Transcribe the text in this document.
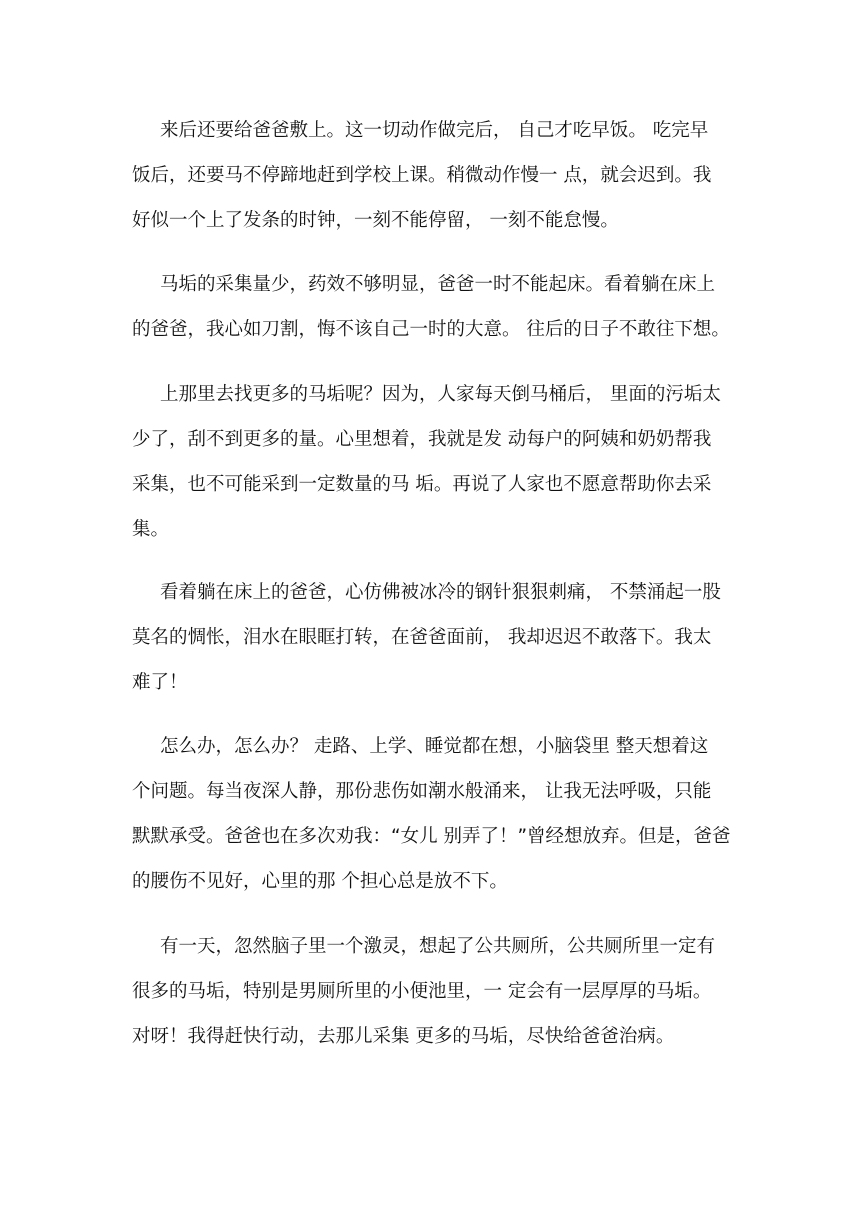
来后还要给爸爸敷上。这一切动作做完后， 自己才吃早饭。 吃完早
饭后，还要马不停蹄地赶到学校上课。稍微动作慢一 点，就会迟到。我
好似一个上了发条的时钟，一刻不能停留， 一刻不能怠慢。

马垢的采集量少，药效不够明显，爸爸一时不能起床。看着躺在床上
的爸爸，我心如刀割，悔不该自己一时的大意。 往后的日子不敢往下想。

上那里去找更多的马垢呢？因为，人家每天倒马桶后， 里面的污垢太
少了，刮不到更多的量。心里想着，我就是发 动每户的阿姨和奶奶帮我
采集，也不可能采到一定数量的马 垢。再说了人家也不愿意帮助你去采
集。

看着躺在床上的爸爸，心仿佛被冰冷的钢针狠狠刺痛， 不禁涌起一股
莫名的惆怅，泪水在眼眶打转，在爸爸面前， 我却迟迟不敢落下。我太
难了！

怎么办，怎么办？ 走路、上学、睡觉都在想，小脑袋里 整天想着这
个问题。每当夜深人静，那份悲伤如潮水般涌来， 让我无法呼吸，只能
默默承受。爸爸也在多次劝我：“女儿 别弄了！”曾经想放弃。但是，爸爸
的腰伤不见好，心里的那 个担心总是放不下。

有一天，忽然脑子里一个激灵，想起了公共厕所，公共厕所里一定有
很多的马垢，特别是男厕所里的小便池里，一 定会有一层厚厚的马垢。
对呀！我得赶快行动，去那儿采集 更多的马垢，尽快给爸爸治病。
